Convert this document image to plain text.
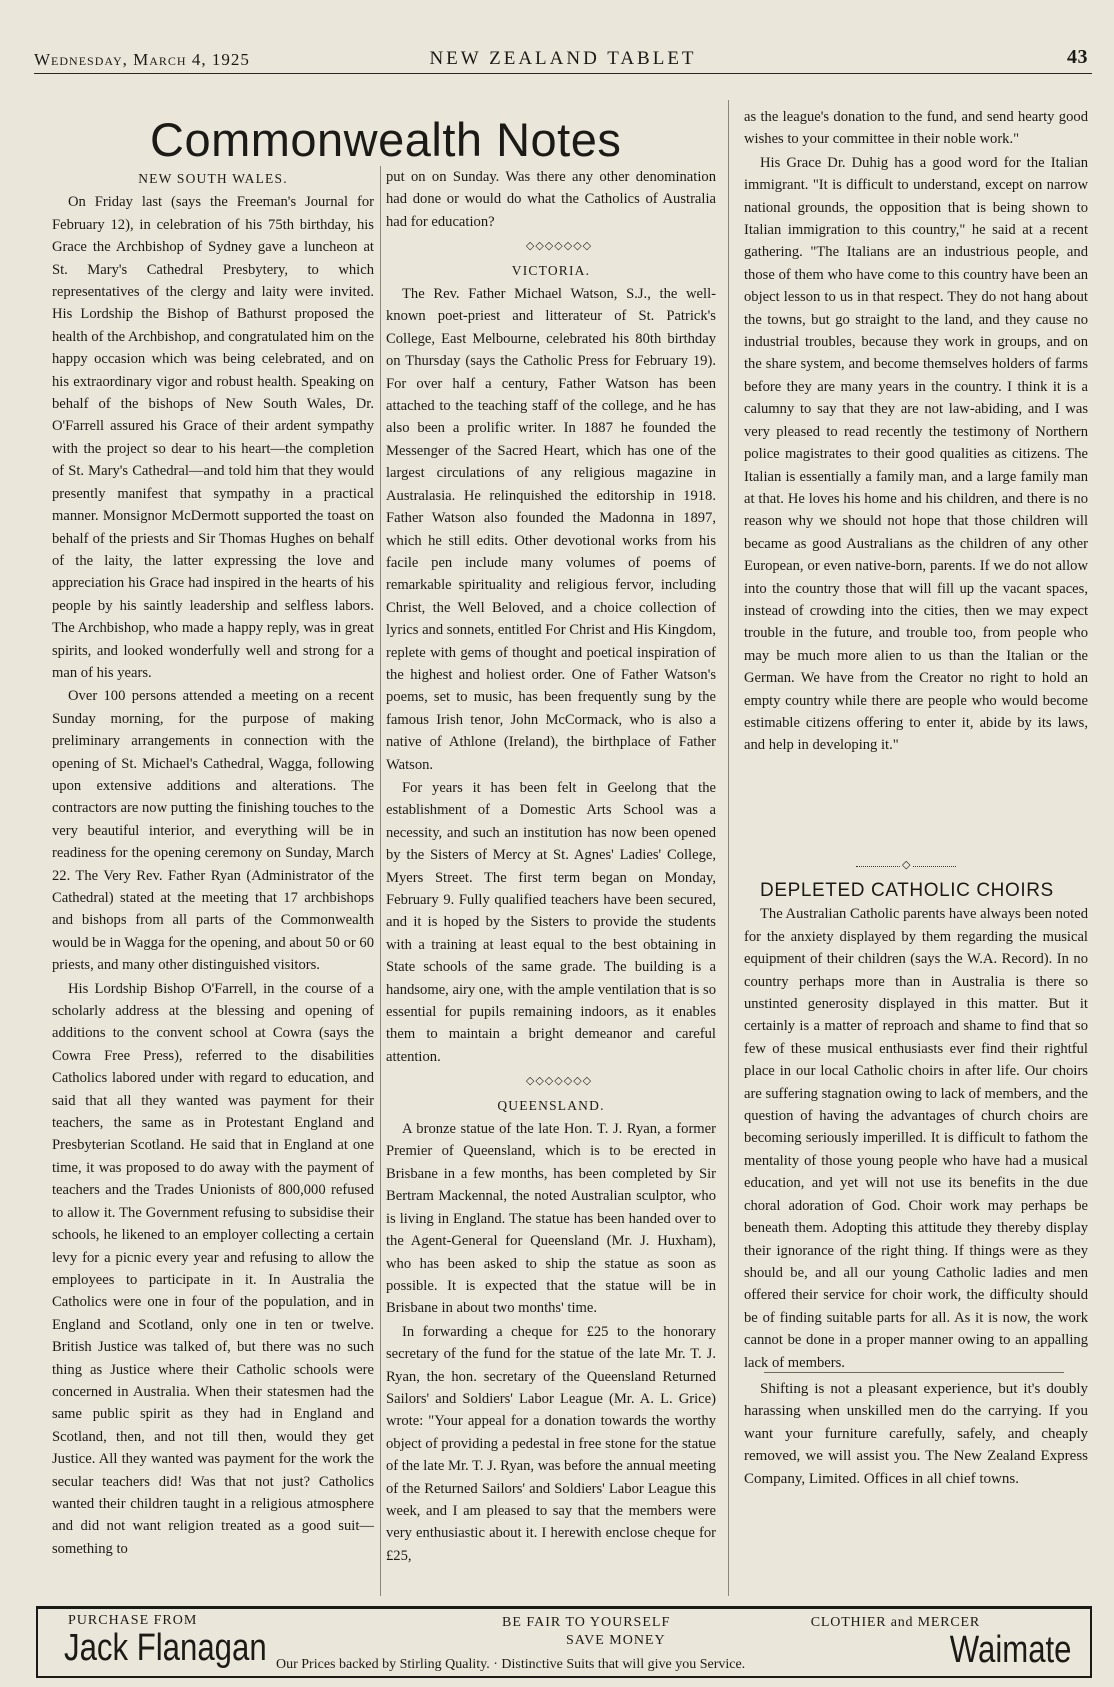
Wednesday, March 4, 1925	NEW ZEALAND TABLET	43
Commonwealth Notes

NEW SOUTH WALES.

On Friday last (says the Freeman's Journal for February 12), in celebration of his 75th birthday, his Grace the Archbishop of Sydney gave a luncheon at St. Mary's Cathedral Presbytery, to which representatives of the clergy and laity were invited. His Lordship the Bishop of Bathurst proposed the health of the Archbishop, and congratulated him on the happy occasion which was being celebrated, and on his extraordinary vigor and robust health. Speaking on behalf of the bishops of New South Wales, Dr. O'Farrell assured his Grace of their ardent sympathy with the project so dear to his heart—the completion of St. Mary's Cathedral—and told him that they would presently manifest that sympathy in a practical manner. Monsignor McDermott supported the toast on behalf of the priests and Sir Thomas Hughes on behalf of the laity, the latter expressing the love and appreciation his Grace had inspired in the hearts of his people by his saintly leadership and selfless labors. The Archbishop, who made a happy reply, was in great spirits, and looked wonderfully well and strong for a man of his years.

Over 100 persons attended a meeting on a recent Sunday morning, for the purpose of making preliminary arrangements in connection with the opening of St. Michael's Cathedral, Wagga, following upon extensive additions and alterations. The contractors are now putting the finishing touches to the very beautiful interior, and everything will be in readiness for the opening ceremony on Sunday, March 22. The Very Rev. Father Ryan (Administrator of the Cathedral) stated at the meeting that 17 archbishops and bishops from all parts of the Commonwealth would be in Wagga for the opening, and about 50 or 60 priests, and many other distinguished visitors.

His Lordship Bishop O'Farrell, in the course of a scholarly address at the blessing and opening of additions to the convent school at Cowra (says the Cowra Free Press), referred to the disabilities Catholics labored under with regard to education, and said that all they wanted was payment for their teachers, the same as in Protestant England and Presbyterian Scotland. He said that in England at one time, it was proposed to do away with the payment of teachers and the Trades Unionists of 800,000 refused to allow it. The Government refusing to subsidise their schools, he likened to an employer collecting a certain levy for a picnic every year and refusing to allow the employees to participate in it. In Australia the Catholics were one in four of the population, and in England and Scotland, only one in ten or twelve. British Justice was talked of, but there was no such thing as Justice where their Catholic schools were concerned in Australia. When their statesmen had the same public spirit as they had in England and Scotland, then, and not till then, would they get Justice. All they wanted was payment for the work the secular teachers did! Was that not just? Catholics wanted their children taught in a religious atmosphere and did not want religion treated as a good suit—something to

put on on Sunday. Was there any other denomination had done or would do what the Catholics of Australia had for education?

◇◇◇◇◇◇◇

VICTORIA.

The Rev. Father Michael Watson, S.J., the well-known poet-priest and litterateur of St. Patrick's College, East Melbourne, celebrated his 80th birthday on Thursday (says the Catholic Press for February 19). For over half a century, Father Watson has been attached to the teaching staff of the college, and he has also been a prolific writer. In 1887 he founded the Messenger of the Sacred Heart, which has one of the largest circulations of any religious magazine in Australasia. He relinquished the editorship in 1918. Father Watson also founded the Madonna in 1897, which he still edits. Other devotional works from his facile pen include many volumes of poems of remarkable spirituality and religious fervor, including Christ, the Well Beloved, and a choice collection of lyrics and sonnets, entitled For Christ and His Kingdom, replete with gems of thought and poetical inspiration of the highest and holiest order. One of Father Watson's poems, set to music, has been frequently sung by the famous Irish tenor, John McCormack, who is also a native of Athlone (Ireland), the birthplace of Father Watson.

For years it has been felt in Geelong that the establishment of a Domestic Arts School was a necessity, and such an institution has now been opened by the Sisters of Mercy at St. Agnes' Ladies' College, Myers Street. The first term began on Monday, February 9. Fully qualified teachers have been secured, and it is hoped by the Sisters to provide the students with a training at least equal to the best obtaining in State schools of the same grade. The building is a handsome, airy one, with the ample ventilation that is so essential for pupils remaining indoors, as it enables them to maintain a bright demeanor and careful attention.

◇◇◇◇◇◇◇

QUEENSLAND.

A bronze statue of the late Hon. T. J. Ryan, a former Premier of Queensland, which is to be erected in Brisbane in a few months, has been completed by Sir Bertram Mackennal, the noted Australian sculptor, who is living in England. The statue has been handed over to the Agent-General for Queensland (Mr. J. Huxham), who has been asked to ship the statue as soon as possible. It is expected that the statue will be in Brisbane in about two months' time.

In forwarding a cheque for £25 to the honorary secretary of the fund for the statue of the late Mr. T. J. Ryan, the hon. secretary of the Queensland Returned Sailors' and Soldiers' Labor League (Mr. A. L. Grice) wrote: "Your appeal for a donation towards the worthy object of providing a pedestal in free stone for the statue of the late Mr. T. J. Ryan, was before the annual meeting of the Returned Sailors' and Soldiers' Labor League this week, and I am pleased to say that the members were very enthusiastic about it. I herewith enclose cheque for £25,

as the league's donation to the fund, and send hearty good wishes to your committee in their noble work."

His Grace Dr. Duhig has a good word for the Italian immigrant. "It is difficult to understand, except on narrow national grounds, the opposition that is being shown to Italian immigration to this country," he said at a recent gathering. "The Italians are an industrious people, and those of them who have come to this country have been an object lesson to us in that respect. They do not hang about the towns, but go straight to the land, and they cause no industrial troubles, because they work in groups, and on the share system, and become themselves holders of farms before they are many years in the country. I think it is a calumny to say that they are not law-abiding, and I was very pleased to read recently the testimony of Northern police magistrates to their good qualities as citizens. The Italian is essentially a family man, and a large family man at that. He loves his home and his children, and there is no reason why we should not hope that those children will became as good Australians as the children of any other European, or even native-born, parents. If we do not allow into the country those that will fill up the vacant spaces, instead of crowding into the cities, then we may expect trouble in the future, and trouble too, from people who may be much more alien to us than the Italian or the German. We have from the Creator no right to hold an empty country while there are people who would become estimable citizens offering to enter it, abide by its laws, and help in developing it."

◇

DEPLETED CATHOLIC CHOIRS

The Australian Catholic parents have always been noted for the anxiety displayed by them regarding the musical equipment of their children (says the W.A. Record). In no country perhaps more than in Australia is there so unstinted generosity displayed in this matter. But it certainly is a matter of reproach and shame to find that so few of these musical enthusiasts ever find their rightful place in our local Catholic choirs in after life. Our choirs are suffering stagnation owing to lack of members, and the question of having the advantages of church choirs are becoming seriously imperilled. It is difficult to fathom the mentality of those young people who have had a musical education, and yet will not use its benefits in the due choral adoration of God. Choir work may perhaps be beneath them. Adopting this attitude they thereby display their ignorance of the right thing. If things were as they should be, and all our young Catholic ladies and men offered their service for choir work, the difficulty should be of finding suitable parts for all. As it is now, the work cannot be done in a proper manner owing to an appalling lack of members.

Shifting is not a pleasant experience, but it's doubly harassing when unskilled men do the carrying. If you want your furniture carefully, safely, and cheaply removed, we will assist you. The New Zealand Express Company, Limited. Offices in all chief towns.

PURCHASE FROM
Jack Flanagan
BE FAIR TO YOURSELF
SAVE MONEY
Our Prices backed by Stirling Quality. · Distinctive Suits that will give you Service.
CLOTHIER and MERCER
Waimate
